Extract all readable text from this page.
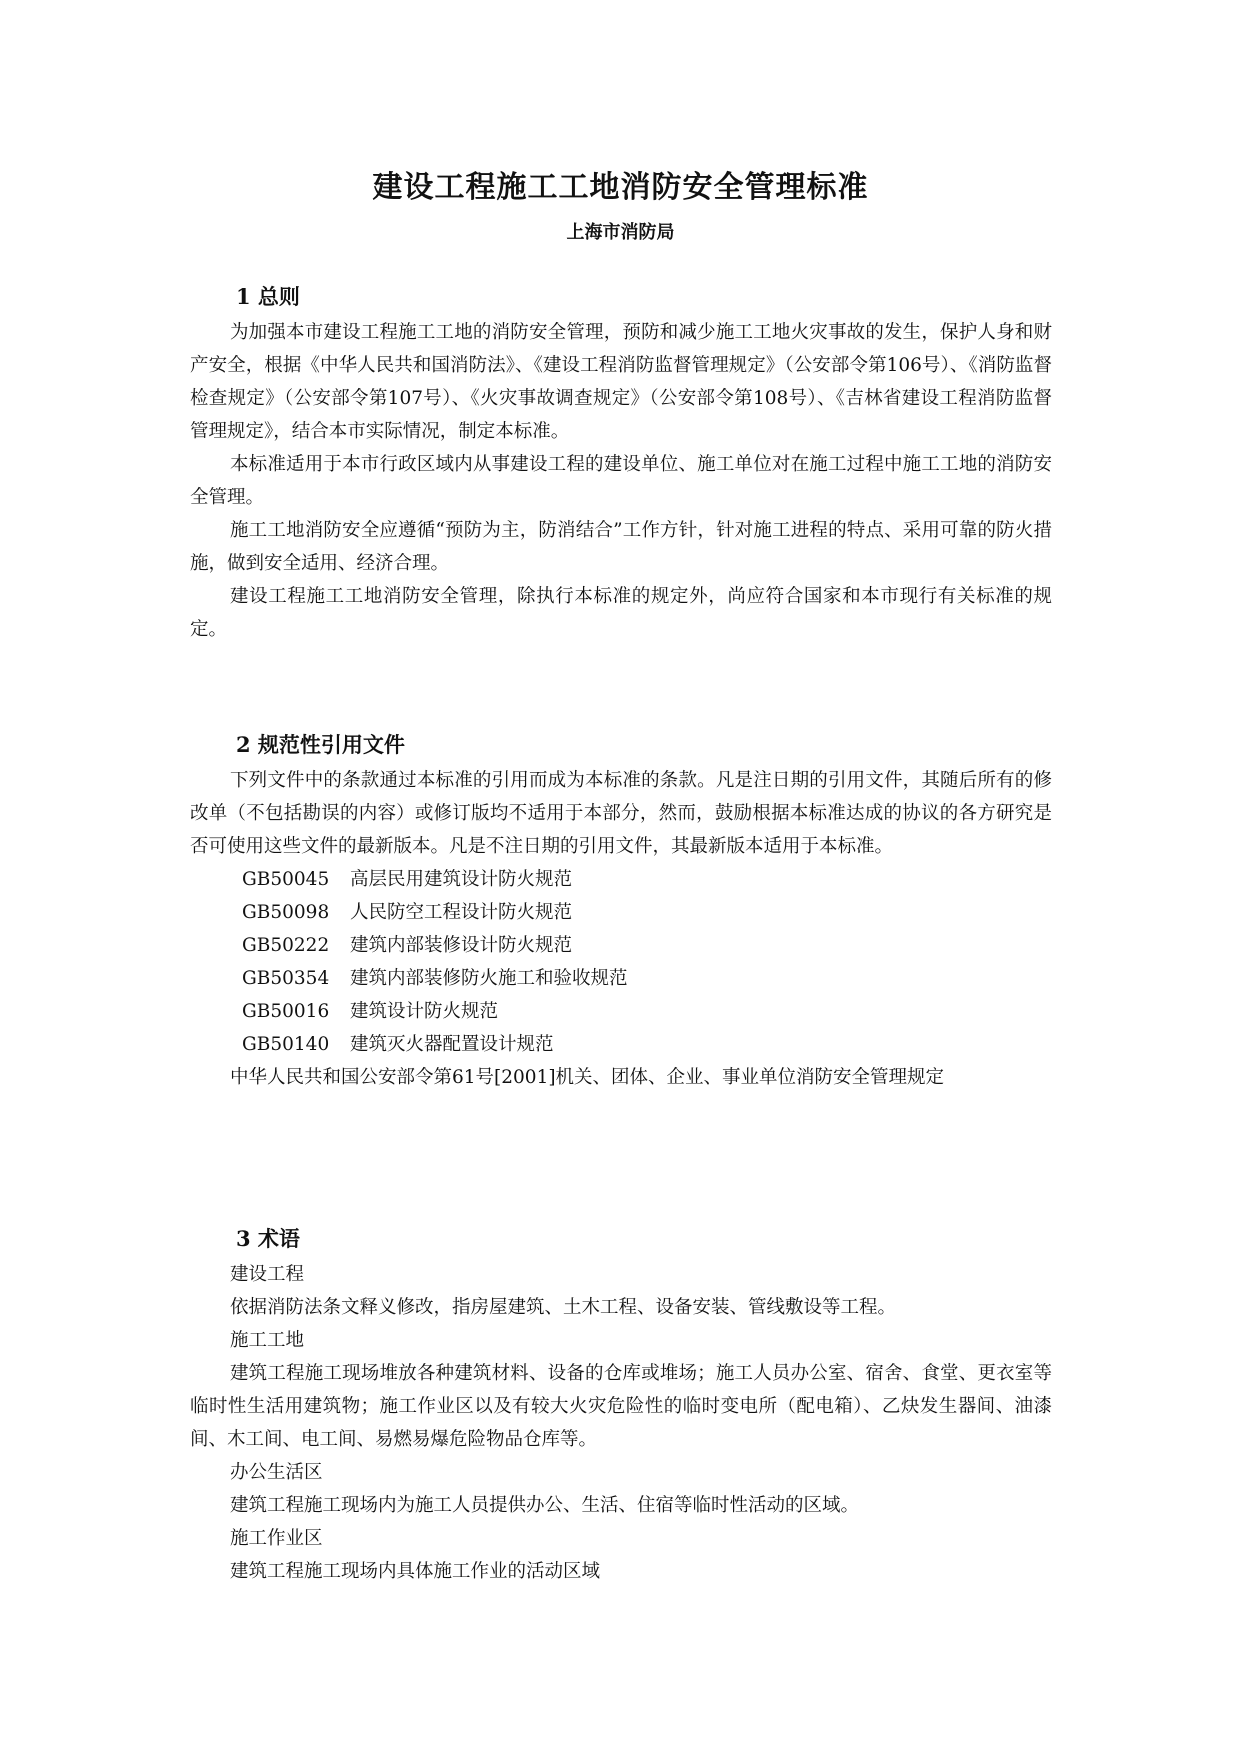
建设工程施工工地消防安全管理标准
上海市消防局
1 总则

为加强本市建设工程施工工地的消防安全管理，预防和减少施工工地火灾事故的发生，保护人身和财产安全，根据《中华人民共和国消防法》、《建设工程消防监督管理规定》（公安部令第106号）、《消防监督检查规定》（公安部令第107号）、《火灾事故调查规定》（公安部令第108号）、《吉林省建设工程消防监督管理规定》，结合本市实际情况，制定本标准。

本标准适用于本市行政区域内从事建设工程的建设单位、施工单位对在施工过程中施工工地的消防安全管理。

施工工地消防安全应遵循“预防为主，防消结合”工作方针，针对施工进程的特点、采用可靠的防火措施，做到安全适用、经济合理。

建设工程施工工地消防安全管理，除执行本标准的规定外，尚应符合国家和本市现行有关标准的规定。

2 规范性引用文件

下列文件中的条款通过本标准的引用而成为本标准的条款。凡是注日期的引用文件，其随后所有的修改单（不包括勘误的内容）或修订版均不适用于本部分，然而，鼓励根据本标准达成的协议的各方研究是否可使用这些文件的最新版本。凡是不注日期的引用文件，其最新版本适用于本标准。

GB50045 高层民用建筑设计防火规范
GB50098 人民防空工程设计防火规范
GB50222 建筑内部装修设计防火规范
GB50354 建筑内部装修防火施工和验收规范
GB50016 建筑设计防火规范
GB50140 建筑灭火器配置设计规范

中华人民共和国公安部令第61号[2001]机关、团体、企业、事业单位消防安全管理规定

3 术语
建设工程

依据消防法条文释义修改，指房屋建筑、土木工程、设备安装、管线敷设等工程。

施工工地

建筑工程施工现场堆放各种建筑材料、设备的仓库或堆场；施工人员办公室、宿舍、食堂、更衣室等临时性生活用建筑物；施工作业区以及有较大火灾危险性的临时变电所（配电箱）、乙炔发生器间、油漆间、木工间、电工间、易燃易爆危险物品仓库等。

办公生活区

建筑工程施工现场内为施工人员提供办公、生活、住宿等临时性活动的区域。

施工作业区

建筑工程施工现场内具体施工作业的活动区域
